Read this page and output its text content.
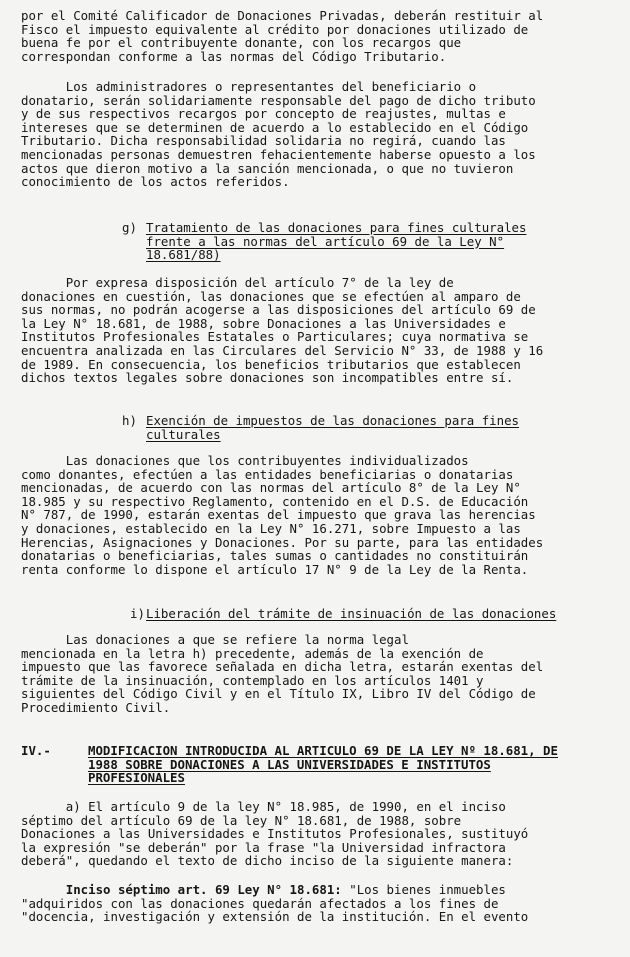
por el Comité Calificador de Donaciones Privadas, deberán restituir al
Fisco el impuesto equivalente al crédito por donaciones utilizado de
buena fe por el contribuyente donante, con los recargos que
correspondan conforme a las normas del Código Tributario.

Los administradores o representantes del beneficiario o
donatario, serán solidariamente responsable del pago de dicho tributo
y de sus respectivos recargos por concepto de reajustes, multas e
intereses que se determinen de acuerdo a lo establecido en el Código
Tributario. Dicha responsabilidad solidaria no regirá, cuando las
mencionadas personas demuestren fehacientemente haberse opuesto a los
actos que dieron motivo a la sanción mencionada, o que no tuvieron
conocimiento de los actos referidos.

g) Tratamiento de las donaciones para fines culturales
frente a las normas del artículo 69 de la Ley N°
18.681/88)

Por expresa disposición del artículo 7° de la ley de
donaciones en cuestión, las donaciones que se efectúen al amparo de
sus normas, no podrán acogerse a las disposiciones del artículo 69 de
la Ley N° 18.681, de 1988, sobre Donaciones a las Universidades e
Institutos Profesionales Estatales o Particulares; cuya normativa se
encuentra analizada en las Circulares del Servicio N° 33, de 1988 y 16
de 1989. En consecuencia, los beneficios tributarios que establecen
dichos textos legales sobre donaciones son incompatibles entre sí.

h) Exención de impuestos de las donaciones para fines
culturales

Las donaciones que los contribuyentes individualizados
como donantes, efectúen a las entidades beneficiarias o donatarias
mencionadas, de acuerdo con las normas del artículo 8° de la Ley N°
18.985 y su respectivo Reglamento, contenido en el D.S. de Educación
N° 787, de 1990, estarán exentas del impuesto que grava las herencias
y donaciones, establecido en la Ley N° 16.271, sobre Impuesto a las
Herencias, Asignaciones y Donaciones. Por su parte, para las entidades
donatarias o beneficiarias, tales sumas o cantidades no constituirán
renta conforme lo dispone el artículo 17 N° 9 de la Ley de la Renta.

i) Liberación del trámite de insinuación de las donaciones

Las donaciones a que se refiere la norma legal
mencionada en la letra h) precedente, además de la exención de
impuesto que las favorece señalada en dicha letra, estarán exentas del
trámite de la insinuación, contemplado en los artículos 1401 y
siguientes del Código Civil y en el Título IX, Libro IV del Código de
Procedimiento Civil.

IV.-	MODIFICACION INTRODUCIDA AL ARTICULO 69 DE LA LEY Nº 18.681, DE
1988 SOBRE DONACIONES A LAS UNIVERSIDADES E INSTITUTOS
PROFESIONALES

a) El artículo 9 de la ley N° 18.985, de 1990, en el inciso
séptimo del artículo 69 de la ley N° 18.681, de 1988, sobre
Donaciones a las Universidades e Institutos Profesionales, sustituyó
la expresión "se deberán" por la frase "la Universidad infractora
deberá", quedando el texto de dicho inciso de la siguiente manera:

Inciso séptimo art. 69 Ley N° 18.681: "Los bienes inmuebles
"adquiridos con las donaciones quedarán afectados a los fines de
"docencia, investigación y extensión de la institución. En el evento
